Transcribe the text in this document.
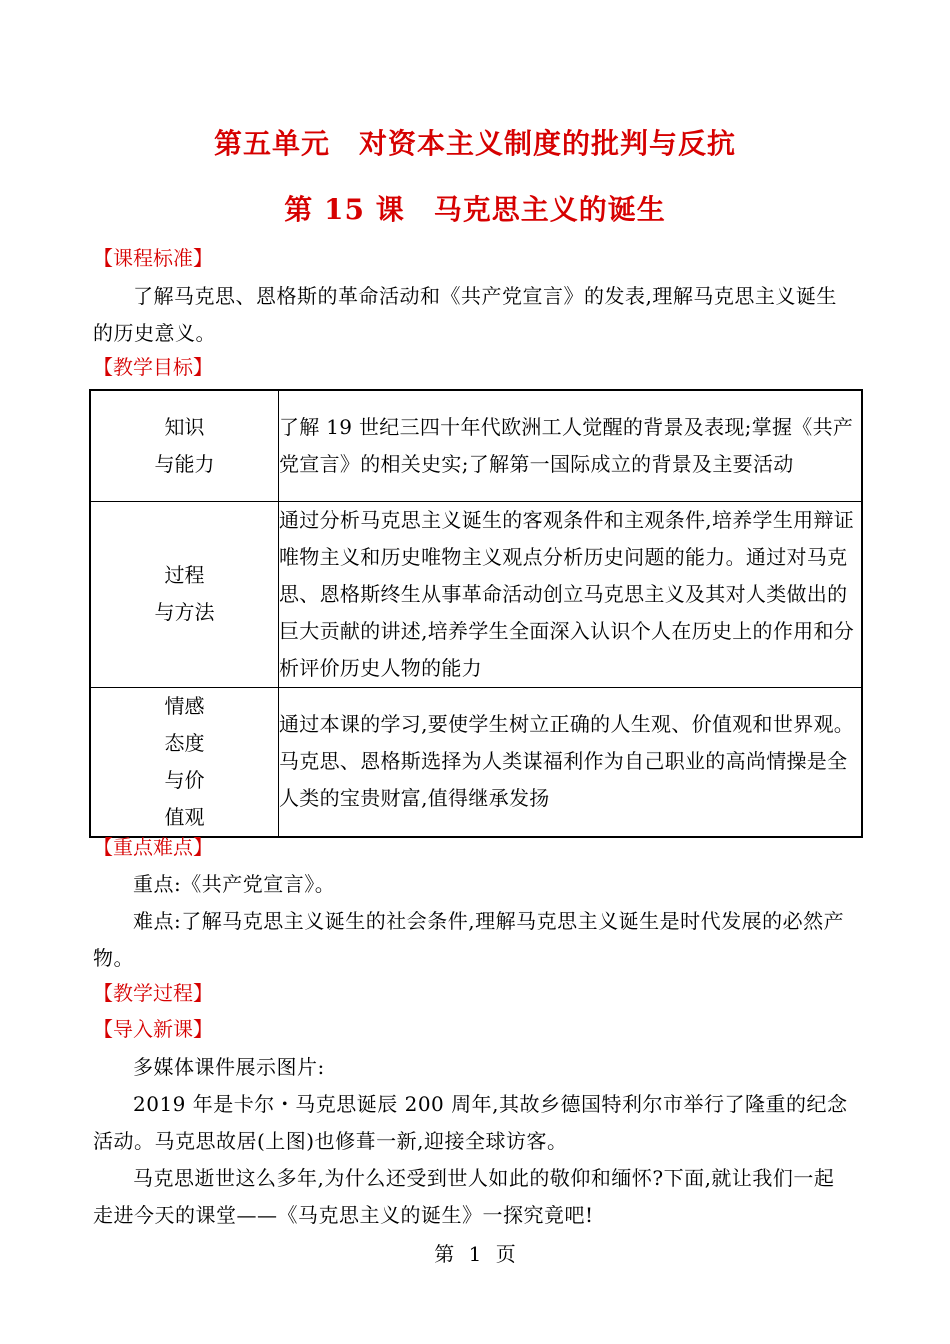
第五单元　对资本主义制度的批判与反抗
第 15 课　马克思主义的诞生
【课程标准】
了解马克思、恩格斯的革命活动和《共产党宣言》的发表,理解马克思主义诞生的历史意义。
【教学目标】
知识
与能力	了解 19 世纪三四十年代欧洲工人觉醒的背景及表现;掌握《共产党宣言》的相关史实;了解第一国际成立的背景及主要活动

过程
与方法	通过分析马克思主义诞生的客观条件和主观条件,培养学生用辩证唯物主义和历史唯物主义观点分析历史问题的能力。通过对马克思、恩格斯终生从事革命活动创立马克思主义及其对人类做出的巨大贡献的讲述,培养学生全面深入认识个人在历史上的作用和分析评价历史人物的能力

情感
态度
与价
值观	通过本课的学习,要使学生树立正确的人生观、价值观和世界观。马克思、恩格斯选择为人类谋福利作为自己职业的高尚情操是全人类的宝贵财富,值得继承发扬
【重点难点】
重点:《共产党宣言》。
难点:了解马克思主义诞生的社会条件,理解马克思主义诞生是时代发展的必然产物。
【教学过程】
【导入新课】
多媒体课件展示图片:
2019 年是卡尔・马克思诞辰 200 周年,其故乡德国特利尔市举行了隆重的纪念活动。马克思故居(上图)也修葺一新,迎接全球访客。
马克思逝世这么多年,为什么还受到世人如此的敬仰和缅怀?下面,就让我们一起走进今天的课堂——《马克思主义的诞生》一探究竟吧!
第 1 页
